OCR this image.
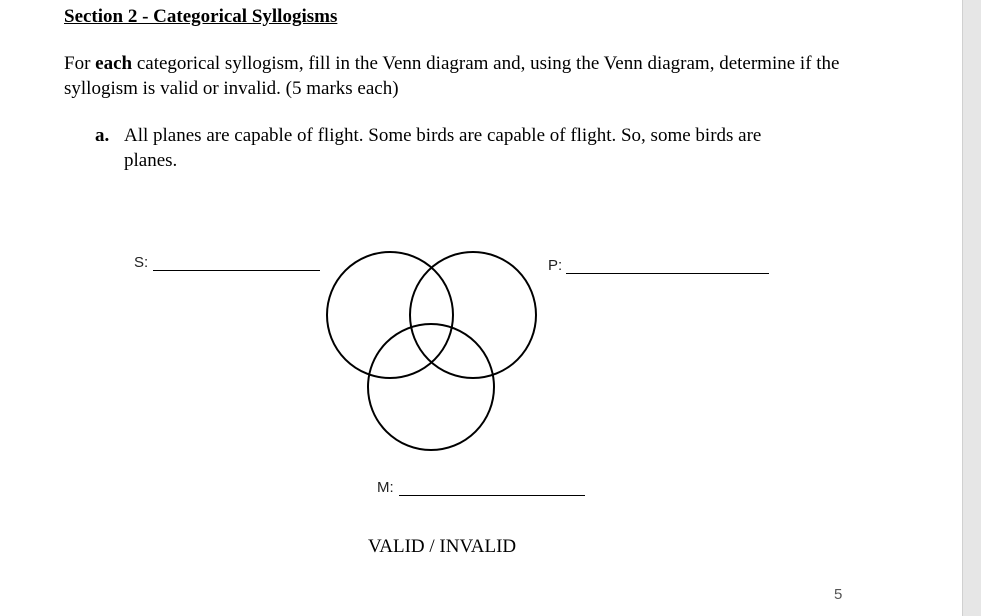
Section 2 - Categorical Syllogisms
For each categorical syllogism, fill in the Venn diagram and, using the Venn diagram, determine if the syllogism is valid or invalid. (5 marks each)
a. All planes are capable of flight. Some birds are capable of flight. So, some birds are planes.
S:	P:
M:
VALID / INVALID
5
